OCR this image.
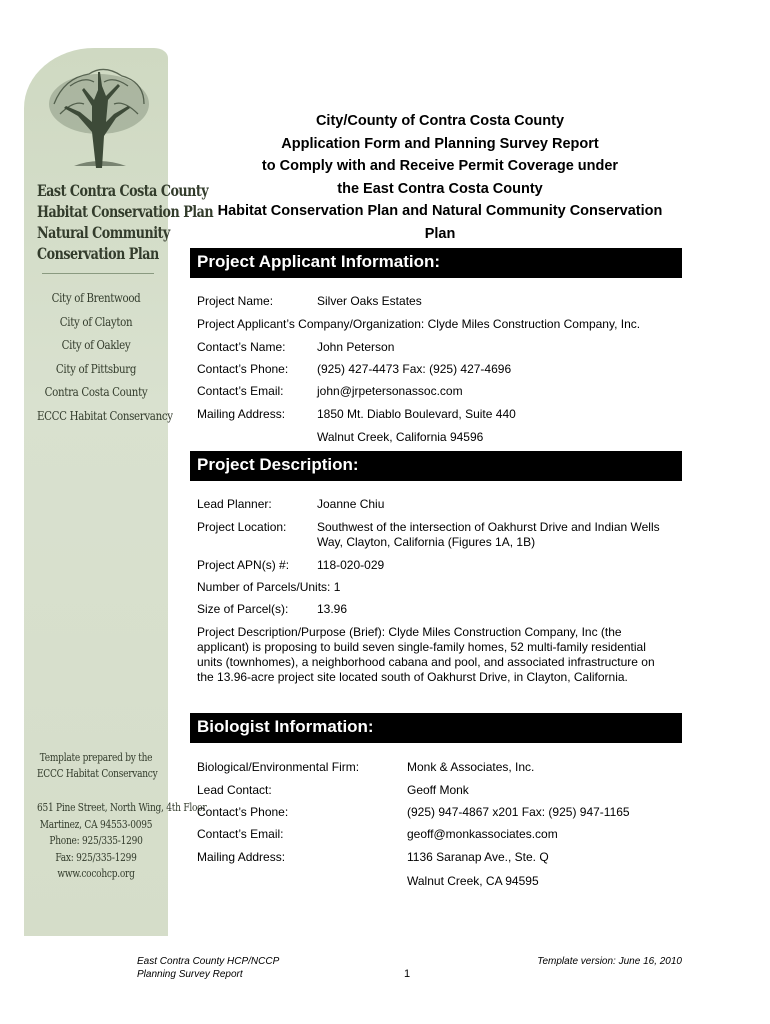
East Contra Costa County
Habitat Conservation Plan
Natural Community
Conservation Plan
City of Brentwood
City of Clayton
City of Oakley
City of Pittsburg
Contra Costa County
ECCC Habitat Conservancy
Template prepared by the
ECCC Habitat Conservancy
651 Pine Street, North Wing, 4th Floor
Martinez, CA 94553-0095
Phone: 925/335-1290
Fax: 925/335-1299
www.cocohcp.org
City/County of Contra Costa County
Application Form and Planning Survey Report
to Comply with and Receive Permit Coverage under
the East Contra Costa County
Habitat Conservation Plan and Natural Community Conservation
Plan
Project Applicant Information:
Project Name:	Silver Oaks Estates
Project Applicant’s Company/Organization: Clyde Miles Construction Company, Inc.
Contact’s Name:	John Peterson
Contact’s Phone: (925) 427-4473 Fax: (925) 427-4696
Contact’s Email:	john@jrpetersonassoc.com
Mailing Address:	1850 Mt. Diablo Boulevard, Suite 440
Walnut Creek, California 94596
Project Description:
Lead Planner:	Joanne Chiu
Project Location:	Southwest of the intersection of Oakhurst Drive and Indian Wells
Way, Clayton, California (Figures 1A, 1B)
Project APN(s) #: 118-020-029
Number of Parcels/Units: 1
Size of Parcel(s): 13.96
Project Description/Purpose (Brief): Clyde Miles Construction Company, Inc (the
applicant) is proposing to build seven single-family homes, 52 multi-family residential
units (townhomes), a neighborhood cabana and pool, and associated infrastructure on
the 13.96-acre project site located south of Oakhurst Drive, in Clayton, California.
Biologist Information:
Biological/Environmental Firm:	Monk & Associates, Inc.
Lead Contact:	Geoff Monk
Contact’s Phone:	(925) 947-4867 x201 Fax: (925) 947-1165
Contact’s Email:	geoff@monkassociates.com
Mailing Address:	1136 Saranap Ave., Ste. Q
Walnut Creek, CA 94595
East Contra County HCP/NCCP
Planning Survey Report
Template version: June 16, 2010
1
